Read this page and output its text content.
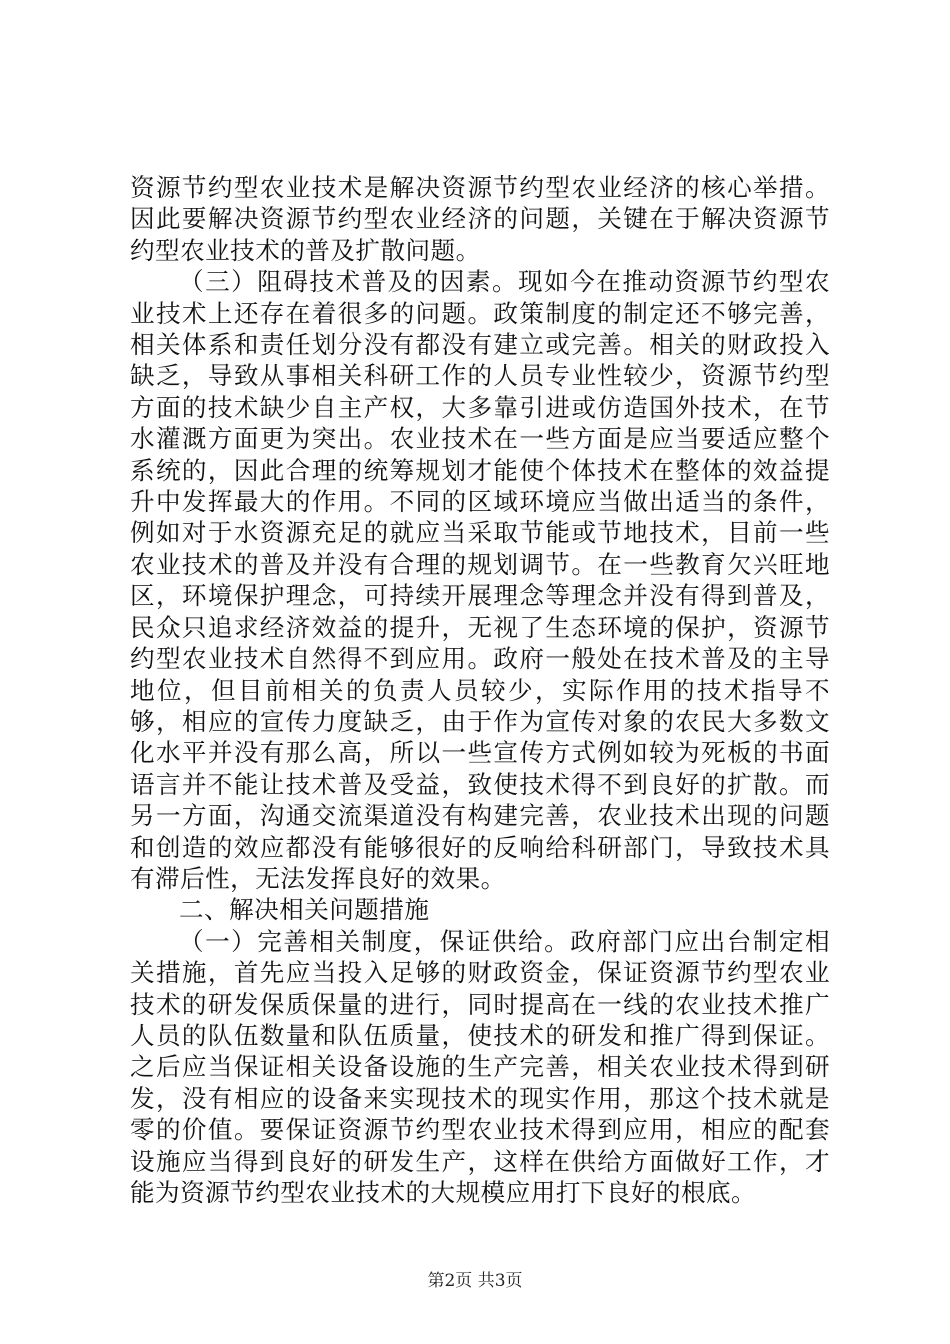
资源节约型农业技术是解决资源节约型农业经济的核心举措。因此要解决资源节约型农业经济的问题，关键在于解决资源节约型农业技术的普及扩散问题。

（三）阻碍技术普及的因素。现如今在推动资源节约型农业技术上还存在着很多的问题。政策制度的制定还不够完善，相关体系和责任划分没有都没有建立或完善。相关的财政投入缺乏，导致从事相关科研工作的人员专业性较少，资源节约型方面的技术缺少自主产权，大多靠引进或仿造国外技术，在节水灌溉方面更为突出。农业技术在一些方面是应当要适应整个系统的，因此合理的统筹规划才能使个体技术在整体的效益提升中发挥最大的作用。不同的区域环境应当做出适当的条件，例如对于水资源充足的就应当采取节能或节地技术，目前一些农业技术的普及并没有合理的规划调节。在一些教育欠兴旺地区，环境保护理念，可持续开展理念等理念并没有得到普及，民众只追求经济效益的提升，无视了生态环境的保护，资源节约型农业技术自然得不到应用。政府一般处在技术普及的主导地位，但目前相关的负责人员较少，实际作用的技术指导不够，相应的宣传力度缺乏，由于作为宣传对象的农民大多数文化水平并没有那么高，所以一些宣传方式例如较为死板的书面语言并不能让技术普及受益，致使技术得不到良好的扩散。而另一方面，沟通交流渠道没有构建完善，农业技术出现的问题和创造的效应都没有能够很好的反响给科研部门，导致技术具有滞后性，无法发挥良好的效果。

二、解决相关问题措施

（一）完善相关制度，保证供给。政府部门应出台制定相关措施，首先应当投入足够的财政资金，保证资源节约型农业技术的研发保质保量的进行，同时提高在一线的农业技术推广人员的队伍数量和队伍质量，使技术的研发和推广得到保证。之后应当保证相关设备设施的生产完善，相关农业技术得到研发，没有相应的设备来实现技术的现实作用，那这个技术就是零的价值。要保证资源节约型农业技术得到应用，相应的配套设施应当得到良好的研发生产，这样在供给方面做好工作，才能为资源节约型农业技术的大规模应用打下良好的根底。

第2页 共3页
